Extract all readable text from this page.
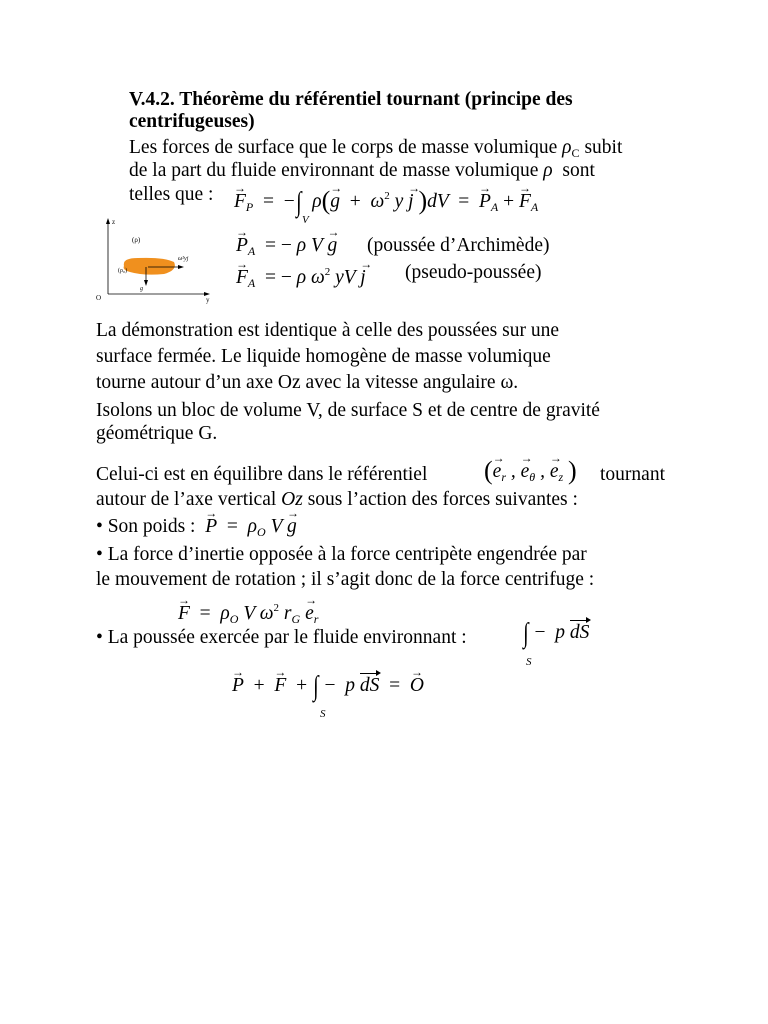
V.4.2. Théorème du référentiel tournant (principe des
centrifugeuses)
Les forces de surface que le corps de masse volumique $\rho_C$ subit
de la part du fluide environnant de masse volumique ρ sont
telles que : → $F_P$ = −∫  $\rho(\to g + \omega^2$ y → j )dV  = → $P_A$ + → $F_A$
V
z
y
O
(ρ)
(ρ₀)
ω²yj
g
→ $P_A$ = − ρ V → g (poussée d’Archimède)
→ $F_A$ = − ρ $\omega^2$ yV → j (pseudo-poussée)
La démonstration est identique à celle des poussées sur une
surface fermée. Le liquide homogène de masse volumique
tourne autour d’un axe Oz avec la vitesse angulaire ω.
Isolons un bloc de volume V, de surface S et de centre de gravité
géométrique G.
Celui-ci est en équilibre dans le référentiel (→ $e_r$ , → $e_\theta$ , → $e_z$ ) tournant
autour de l’axe vertical Oz sous l’action des forces suivantes :
• Son poids : → $P = \rho_O$ V → g
• La force d’inertie opposée à la force centripète engendrée par
le mouvement de rotation ; il s’agit donc de la force centrifuge :
→ $F = \rho_O$ V $\omega^2$ $r_G \to e_r$
• La poussée exercée par le fluide environnant : ∫ −  p dS
S
→ P + → F + ∫ −  p dS = → O
S
